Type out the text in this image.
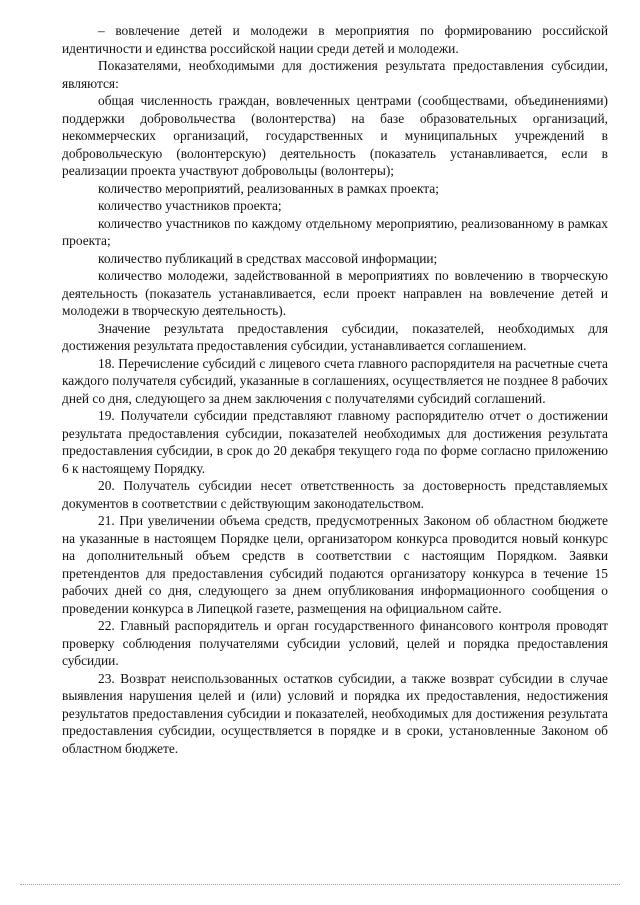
– вовлечение детей и молодежи в мероприятия по формированию российской идентичности и единства российской нации среди детей и молодежи.

Показателями, необходимыми для достижения результата предоставления субсидии, являются:

общая численность граждан, вовлеченных центрами (сообществами, объединениями) поддержки добровольчества (волонтерства) на базе образовательных организаций, некоммерческих организаций, государственных и муниципальных учреждений в добровольческую (волонтерскую) деятельность (показатель устанавливается, если в реализации проекта участвуют добровольцы (волонтеры);

количество мероприятий, реализованных в рамках проекта;

количество участников проекта;

количество участников по каждому отдельному мероприятию, реализованному в рамках проекта;

количество публикаций в средствах массовой информации;

количество молодежи, задействованной в мероприятиях по вовлечению в творческую деятельность (показатель устанавливается, если проект направлен на вовлечение детей и молодежи в творческую деятельность).

Значение результата предоставления субсидии, показателей, необходимых для достижения результата предоставления субсидии, устанавливается соглашением.

18. Перечисление субсидий с лицевого счета главного распорядителя на расчетные счета каждого получателя субсидий, указанные в соглашениях, осуществляется не позднее 8 рабочих дней со дня, следующего за днем заключения с получателями субсидий соглашений.

19. Получатели субсидии представляют главному распорядителю отчет о достижении результата предоставления субсидии, показателей необходимых для достижения результата предоставления субсидии, в срок до 20 декабря текущего года по форме согласно приложению 6 к настоящему Порядку.

20. Получатель субсидии несет ответственность за достоверность представляемых документов в соответствии с действующим законодательством.

21. При увеличении объема средств, предусмотренных Законом об областном бюджете на указанные в настоящем Порядке цели, организатором конкурса проводится новый конкурс на дополнительный объем средств в соответствии с настоящим Порядком. Заявки претендентов для предоставления субсидий подаются организатору конкурса в течение 15 рабочих дней со дня, следующего за днем опубликования информационного сообщения о проведении конкурса в Липецкой газете, размещения на официальном сайте.

22. Главный распорядитель и орган государственного финансового контроля проводят проверку соблюдения получателями субсидии условий, целей и порядка предоставления субсидии.

23. Возврат неиспользованных остатков субсидии, а также возврат субсидии в случае выявления нарушения целей и (или) условий и порядка их предоставления, недостижения результатов предоставления субсидии и показателей, необходимых для достижения результата предоставления субсидии, осуществляется в порядке и в сроки, установленные Законом об областном бюджете.
